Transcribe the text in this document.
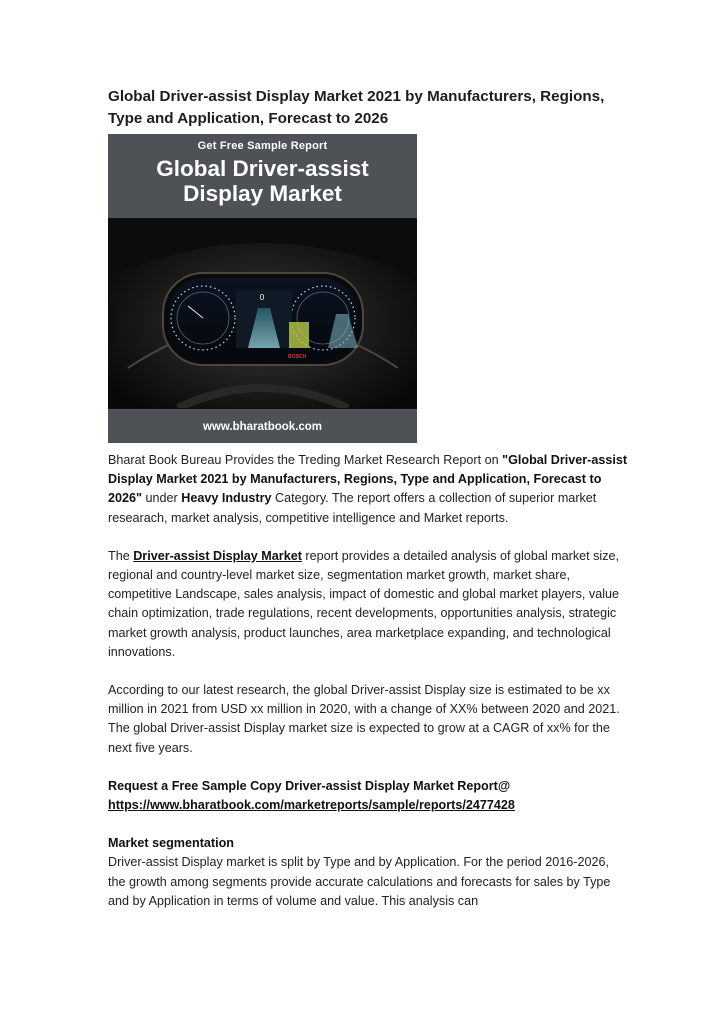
Global Driver-assist Display Market 2021 by Manufacturers, Regions, Type and Application, Forecast to 2026
Get Free Sample Report
Global Driver-assist
Display Market
0
BOSCH
www.bharatbook.com

Bharat Book Bureau Provides the Treding Market Research Report on "Global Driver-assist Display Market 2021 by Manufacturers, Regions, Type and Application, Forecast to 2026" under Heavy Industry Category. The report offers a collection of superior market researach, market analysis, competitive intelligence and Market reports.

The Driver-assist Display Market report provides a detailed analysis of global market size, regional and country-level market size, segmentation market growth, market share, competitive Landscape, sales analysis, impact of domestic and global market players, value chain optimization, trade regulations, recent developments, opportunities analysis, strategic market growth analysis, product launches, area marketplace expanding, and technological innovations.

According to our latest research, the global Driver-assist Display size is estimated to be xx million in 2021 from USD xx million in 2020, with a change of XX% between 2020 and 2021. The global Driver-assist Display market size is expected to grow at a CAGR of xx% for the next five years.

Request a Free Sample Copy Driver-assist Display Market Report@
https://www.bharatbook.com/marketreports/sample/reports/2477428

Market segmentation
Driver-assist Display market is split by Type and by Application. For the period 2016-2026, the growth among segments provide accurate calculations and forecasts for sales by Type and by Application in terms of volume and value. This analysis can
